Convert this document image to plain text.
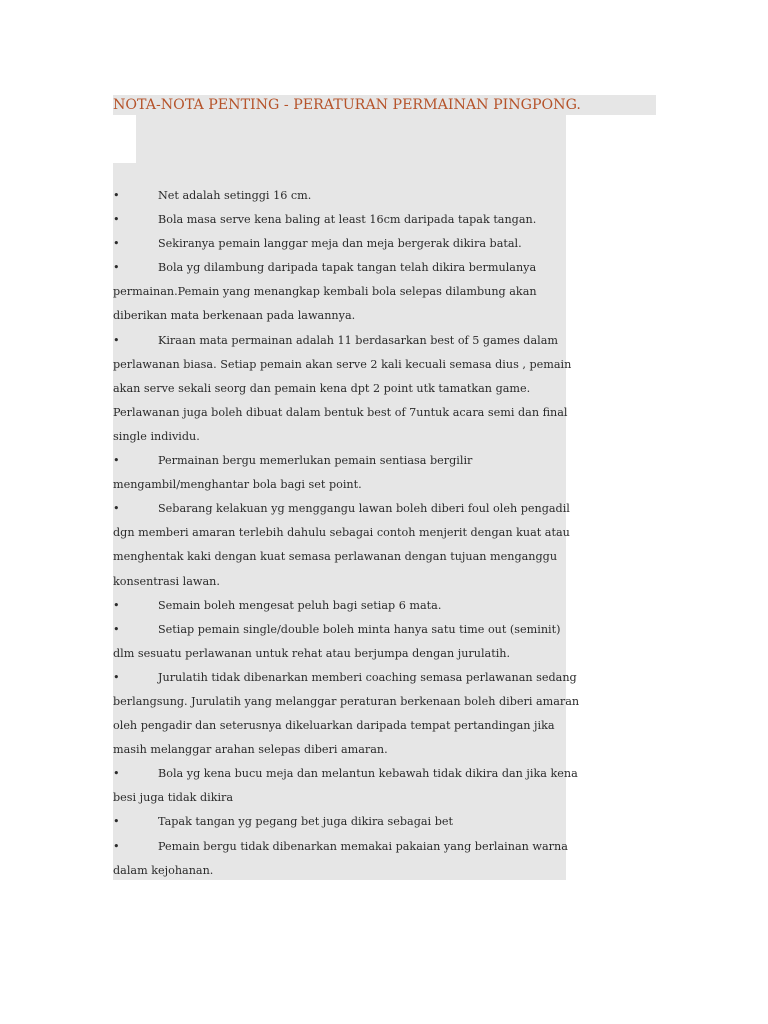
NOTA-NOTA PENTING - PERATURAN PERMAINAN PINGPONG.
•	Net adalah setinggi 16 cm.
•	Bola masa serve kena baling at least 16cm daripada tapak tangan.
•	Sekiranya pemain langgar meja dan meja bergerak dikira batal.
•	Bola yg dilambung daripada tapak tangan telah dikira bermulanya
permainan.Pemain yang menangkap kembali bola selepas dilambung akan
diberikan mata berkenaan pada lawannya.
•	Kiraan mata permainan adalah 11 berdasarkan best of 5 games dalam
perlawanan biasa. Setiap pemain akan serve 2 kali kecuali semasa dius , pemain
akan serve sekali seorg dan pemain kena dpt 2 point utk tamatkan game.
Perlawanan juga boleh dibuat dalam bentuk best of 7untuk acara semi dan final
single individu.
•	Permainan bergu memerlukan pemain sentiasa bergilir
mengambil/menghantar bola bagi set point.
•	Sebarang kelakuan yg menggangu lawan boleh diberi foul oleh pengadil
dgn memberi amaran terlebih dahulu sebagai contoh menjerit dengan kuat atau
menghentak kaki dengan kuat semasa perlawanan dengan tujuan menganggu
konsentrasi lawan.
•	Semain boleh mengesat peluh bagi setiap 6 mata.
•	Setiap pemain single/double boleh minta hanya satu time out (seminit)
dlm sesuatu perlawanan untuk rehat atau berjumpa dengan jurulatih.
•	Jurulatih tidak dibenarkan memberi coaching semasa perlawanan sedang
berlangsung. Jurulatih yang melanggar peraturan berkenaan boleh diberi amaran
oleh pengadir dan seterusnya dikeluarkan daripada tempat pertandingan jika
masih melanggar arahan selepas diberi amaran.
•	Bola yg kena bucu meja dan melantun kebawah tidak dikira dan jika kena
besi juga tidak dikira
•	Tapak tangan yg pegang bet juga dikira sebagai bet
•	Pemain bergu tidak dibenarkan memakai pakaian yang berlainan warna
dalam kejohanan.
